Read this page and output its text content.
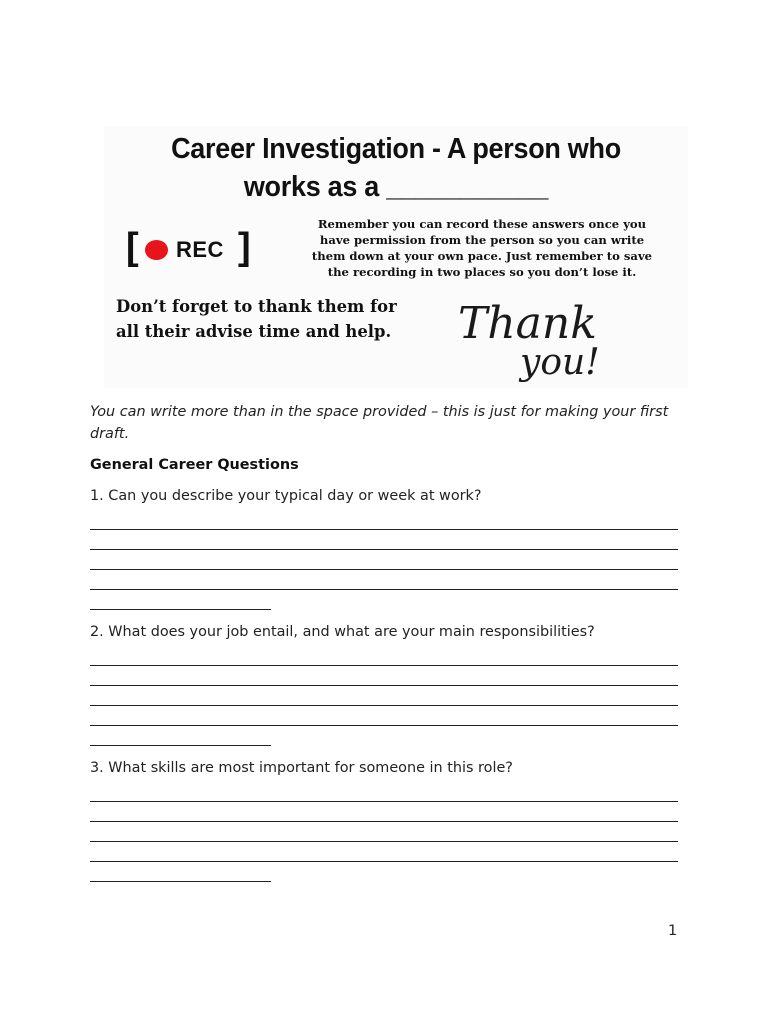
Career Investigation - A person who
works as a ___________
[ REC ]
Remember you can record these answers once you
have permission from the person so you can write
them down at your own pace. Just remember to save
the recording in two places so you don’t lose it.
Don’t forget to thank them for
all their advise time and help.	Thank
you!
You can write more than in the space provided – this is just for making your first draft.
General Career Questions
1. Can you describe your typical day or week at work?
2. What does your job entail, and what are your main responsibilities?
3. What skills are most important for someone in this role?
1
